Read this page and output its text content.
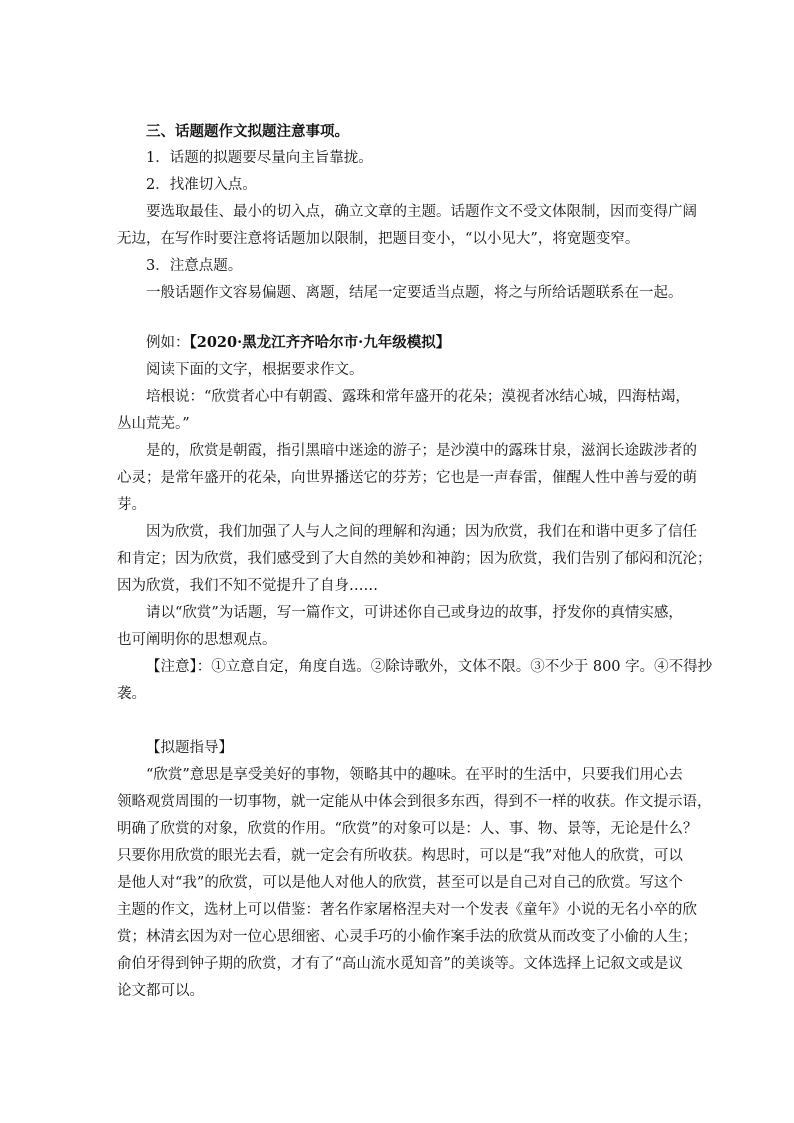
三、话题题作文拟题注意事项。

1．话题的拟题要尽量向主旨靠拢。

2．找准切入点。

要选取最佳、最小的切入点，确立文章的主题。话题作文不受文体限制，因而变得广阔

无边，在写作时要注意将话题加以限制，把题目变小，“以小见大”，将宽题变窄。

3．注意点题。

一般话题作文容易偏题、离题，结尾一定要适当点题，将之与所给话题联系在一起。

例如：【2020·黑龙江齐齐哈尔市·九年级模拟】

阅读下面的文字，根据要求作文。

培根说：“欣赏者心中有朝霞、露珠和常年盛开的花朵；漠视者冰结心城，四海枯竭，

丛山荒芜。”

是的，欣赏是朝霞，指引黑暗中迷途的游子；是沙漠中的露珠甘泉，滋润长途跋涉者的

心灵；是常年盛开的花朵，向世界播送它的芬芳；它也是一声春雷，催醒人性中善与爱的萌

芽。

因为欣赏，我们加强了人与人之间的理解和沟通；因为欣赏，我们在和谐中更多了信任

和肯定；因为欣赏，我们感受到了大自然的美妙和神韵；因为欣赏，我们告别了郁闷和沉沦；

因为欣赏，我们不知不觉提升了自身……

请以“欣赏”为话题，写一篇作文，可讲述你自己或身边的故事，抒发你的真情实感，

也可阐明你的思想观点。

【注意】：①立意自定，角度自选。②除诗歌外，文体不限。③不少于 800 字。④不得抄

袭。

【拟题指导】

“欣赏”意思是享受美好的事物，领略其中的趣味。在平时的生活中，只要我们用心去

领略观赏周围的一切事物，就一定能从中体会到很多东西，得到不一样的收获。作文提示语，

明确了欣赏的对象，欣赏的作用。“欣赏”的对象可以是：人、事、物、景等，无论是什么？

只要你用欣赏的眼光去看，就一定会有所收获。构思时，可以是“我”对他人的欣赏，可以

是他人对“我”的欣赏，可以是他人对他人的欣赏，甚至可以是自己对自己的欣赏。写这个

主题的作文，选材上可以借鉴：著名作家屠格涅夫对一个发表《童年》小说的无名小卒的欣

赏；林清玄因为对一位心思细密、心灵手巧的小偷作案手法的欣赏从而改变了小偷的人生；

俞伯牙得到钟子期的欣赏，才有了“高山流水觅知音”的美谈等。文体选择上记叙文或是议

论文都可以。
